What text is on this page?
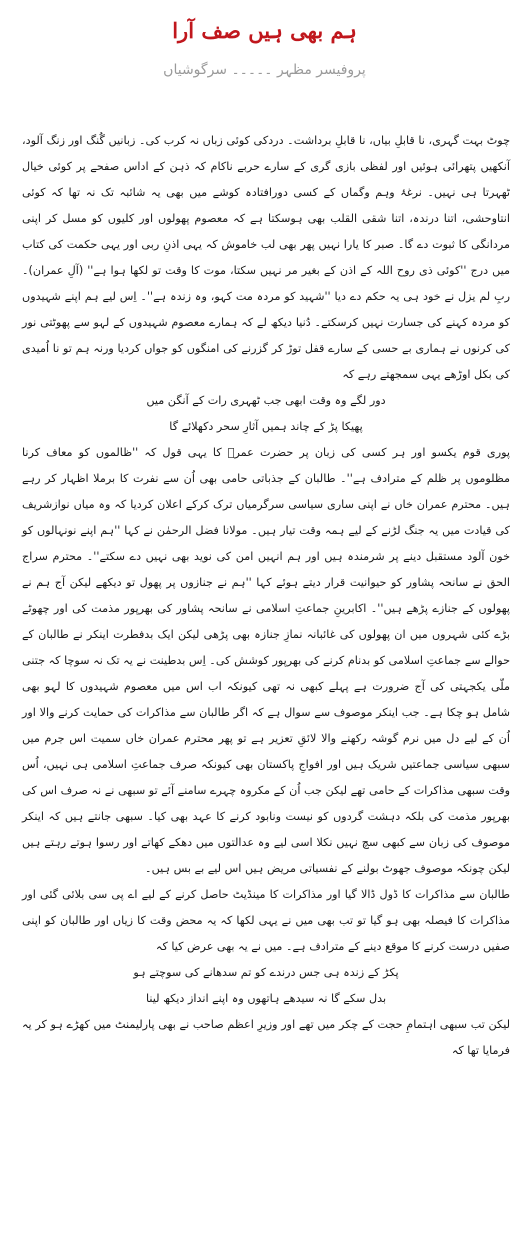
ہم بھی ہیں صف آرا
پروفیسر مظہر ۔۔۔۔۔ سرگوشیاں

چوٹ بہت گہری، نا قابلِ بیاں، نا قابلِ برداشت۔ دردکی کوئی زباں نہ کرب کی۔ زبانیں گُنگ اور زنگ آلود، آنکھیں پتھرائی ہوئیں اور لفظی بازی گری کے سارے حربے ناکام کہ ذہن کے اداس صفحے پر کوئی خیال ٹھہرتا ہی نہیں۔ نرغۂ وہم وگماں کے کسی دورافتادہ کوشے میں بھی یہ شائبہ تک نہ تھا کہ کوئی انتاوحشی، اتنا درندہ، اتنا شقی القلب بھی ہوسکتا ہے کہ معصوم پھولوں اور کلیوں کو مسل کر اپنی مردانگی کا ثبوت دے گا۔ صبر کا یارا نہیں پھر بھی لب خاموش کہ یہی اذنِ ربی اور یہی حکمت کی کتاب میں درج ''کوئی ذی روح اللہ کے اذن کے بغیر مر نہیں سکتا، موت کا وقت تو لکھا ہوا ہے'' (آلِ عمران)۔ ربِ لم یزل نے خود ہی یہ حکم دے دیا ''شہید کو مردہ مت کہو، وہ زندہ ہے''۔ اِس لیے ہم اپنے شہیدوں کو مردہ کہنے کی جسارت نہیں کرسکتے۔ دُنیا دیکھ لے کہ ہمارے معصوم شہیدوں کے لہو سے پھوٹتی نور کی کرنوں نے ہماری بے حسی کے سارے قفل توڑ کر گزرنے کی امنگوں کو جواں کردیا ورنہ ہم تو نا اُمیدی کی بکل اوڑھے یہی سمجھتے رہے کہ

دور لگے وہ وقت ابھی جب ٹھہری رات کے آنگن میں

پھیکا پڑ کے چاند ہمیں آثارِ سحر دکھلائے گا

پوری قوم یکسو اور ہر کسی کی زبان پر حضرت عمرؓ کا یہی قول کہ ''ظالموں کو معاف کرنا مظلوموں پر ظلم کے مترادف ہے''۔ طالبان کے جذباتی حامی بھی اُن سے نفرت کا برملا اظہار کر رہے ہیں۔ محترم عمران خاں نے اپنی ساری سیاسی سرگرمیاں ترک کرکے اعلان کردیا کہ وہ میاں نوازشریف کی قیادت میں یہ جنگ لڑنے کے لیے ہمہ وقت تیار ہیں۔ مولانا فضل الرحمٰن نے کہا ''ہم اپنے نونہالوں کو خون آلود مستقبل دینے پر شرمندہ ہیں اور ہم انہیں امن کی نوید بھی نہیں دے سکتے''۔ محترم سراج الحق نے سانحہ پشاور کو حیوانیت قرار دیتے ہوئے کہا ''ہم نے جنازوں پر پھول تو دیکھے لیکن آج ہم نے پھولوں کے جنازے پڑھے ہیں''۔ اکابرینِ جماعتِ اسلامی نے سانحہ پشاور کی بھرپور مذمت کی اور چھوٹے بڑے کئی شہروں میں ان پھولوں کی غائبانہ نمازِ جنازہ بھی پڑھی لیکن ایک بدفطرت اینکر نے طالبان کے حوالے سے جماعتِ اسلامی کو بدنام کرنے کی بھرپور کوشش کی۔ اِس بدطینت نے یہ تک نہ سوچا کہ جتنی ملّی یکجہتی کی آج ضرورت ہے پہلے کبھی نہ تھی کیونکہ اب اس میں معصوم شہیدوں کا لہو بھی شامل ہو چکا ہے۔ جب اینکر موصوف سے سوال ہے کہ اگر طالبان سے مذاکرات کی حمایت کرنے والا اور اُن کے لیے دل میں نرم گوشہ رکھنے والا لائقِ تعزیر ہے تو پھر محترم عمران خاں سمیت اس جرم میں سبھی سیاسی جماعتیں شریک ہیں اور افواجِ پاکستان بھی کیونکہ صرف جماعتِ اسلامی ہی نہیں، اُس وقت سبھی مذاکرات کے حامی تھے لیکن جب اُن کے مکروہ چہرے سامنے آئے تو سبھی نے نہ صرف اس کی بھرپور مذمت کی بلکہ دہشت گردوں کو نیست ونابود کرنے کا عہد بھی کیا۔ سبھی جانتے ہیں کہ اینکر موصوف کی زبان سے کبھی سچ نہیں نکلا اسی لیے وہ عدالتوں میں دھکے کھاتے اور رسوا ہوتے رہتے ہیں لیکن چونکہ موصوف جھوٹ بولنے کے نفسیاتی مریض ہیں اس لیے بے بس ہیں۔

طالبان سے مذاکرات کا ڈول ڈالا گیا اور مذاکرات کا مینڈیٹ حاصل کرنے کے لیے اے پی سی بلائی گئی اور مذاکرات کا فیصلہ بھی ہو گیا تو تب بھی میں نے یہی لکھا کہ یہ محض وقت کا زیاں اور طالبان کو اپنی صفیں درست کرنے کا موقع دینے کے مترادف ہے۔ میں نے یہ بھی عرض کیا کہ

پکڑ کے زندہ ہی جس درندے کو تم سدھانے کی سوچتے ہو

بدل سکے گا نہ سیدھے ہاتھوں وہ اپنے انداز دیکھ لینا

لیکن تب سبھی اہتمامِ حجت کے چکر میں تھے اور وزیرِ اعظم صاحب نے بھی پارلیمنٹ میں کھڑے ہو کر یہ فرمایا تھا کہ
